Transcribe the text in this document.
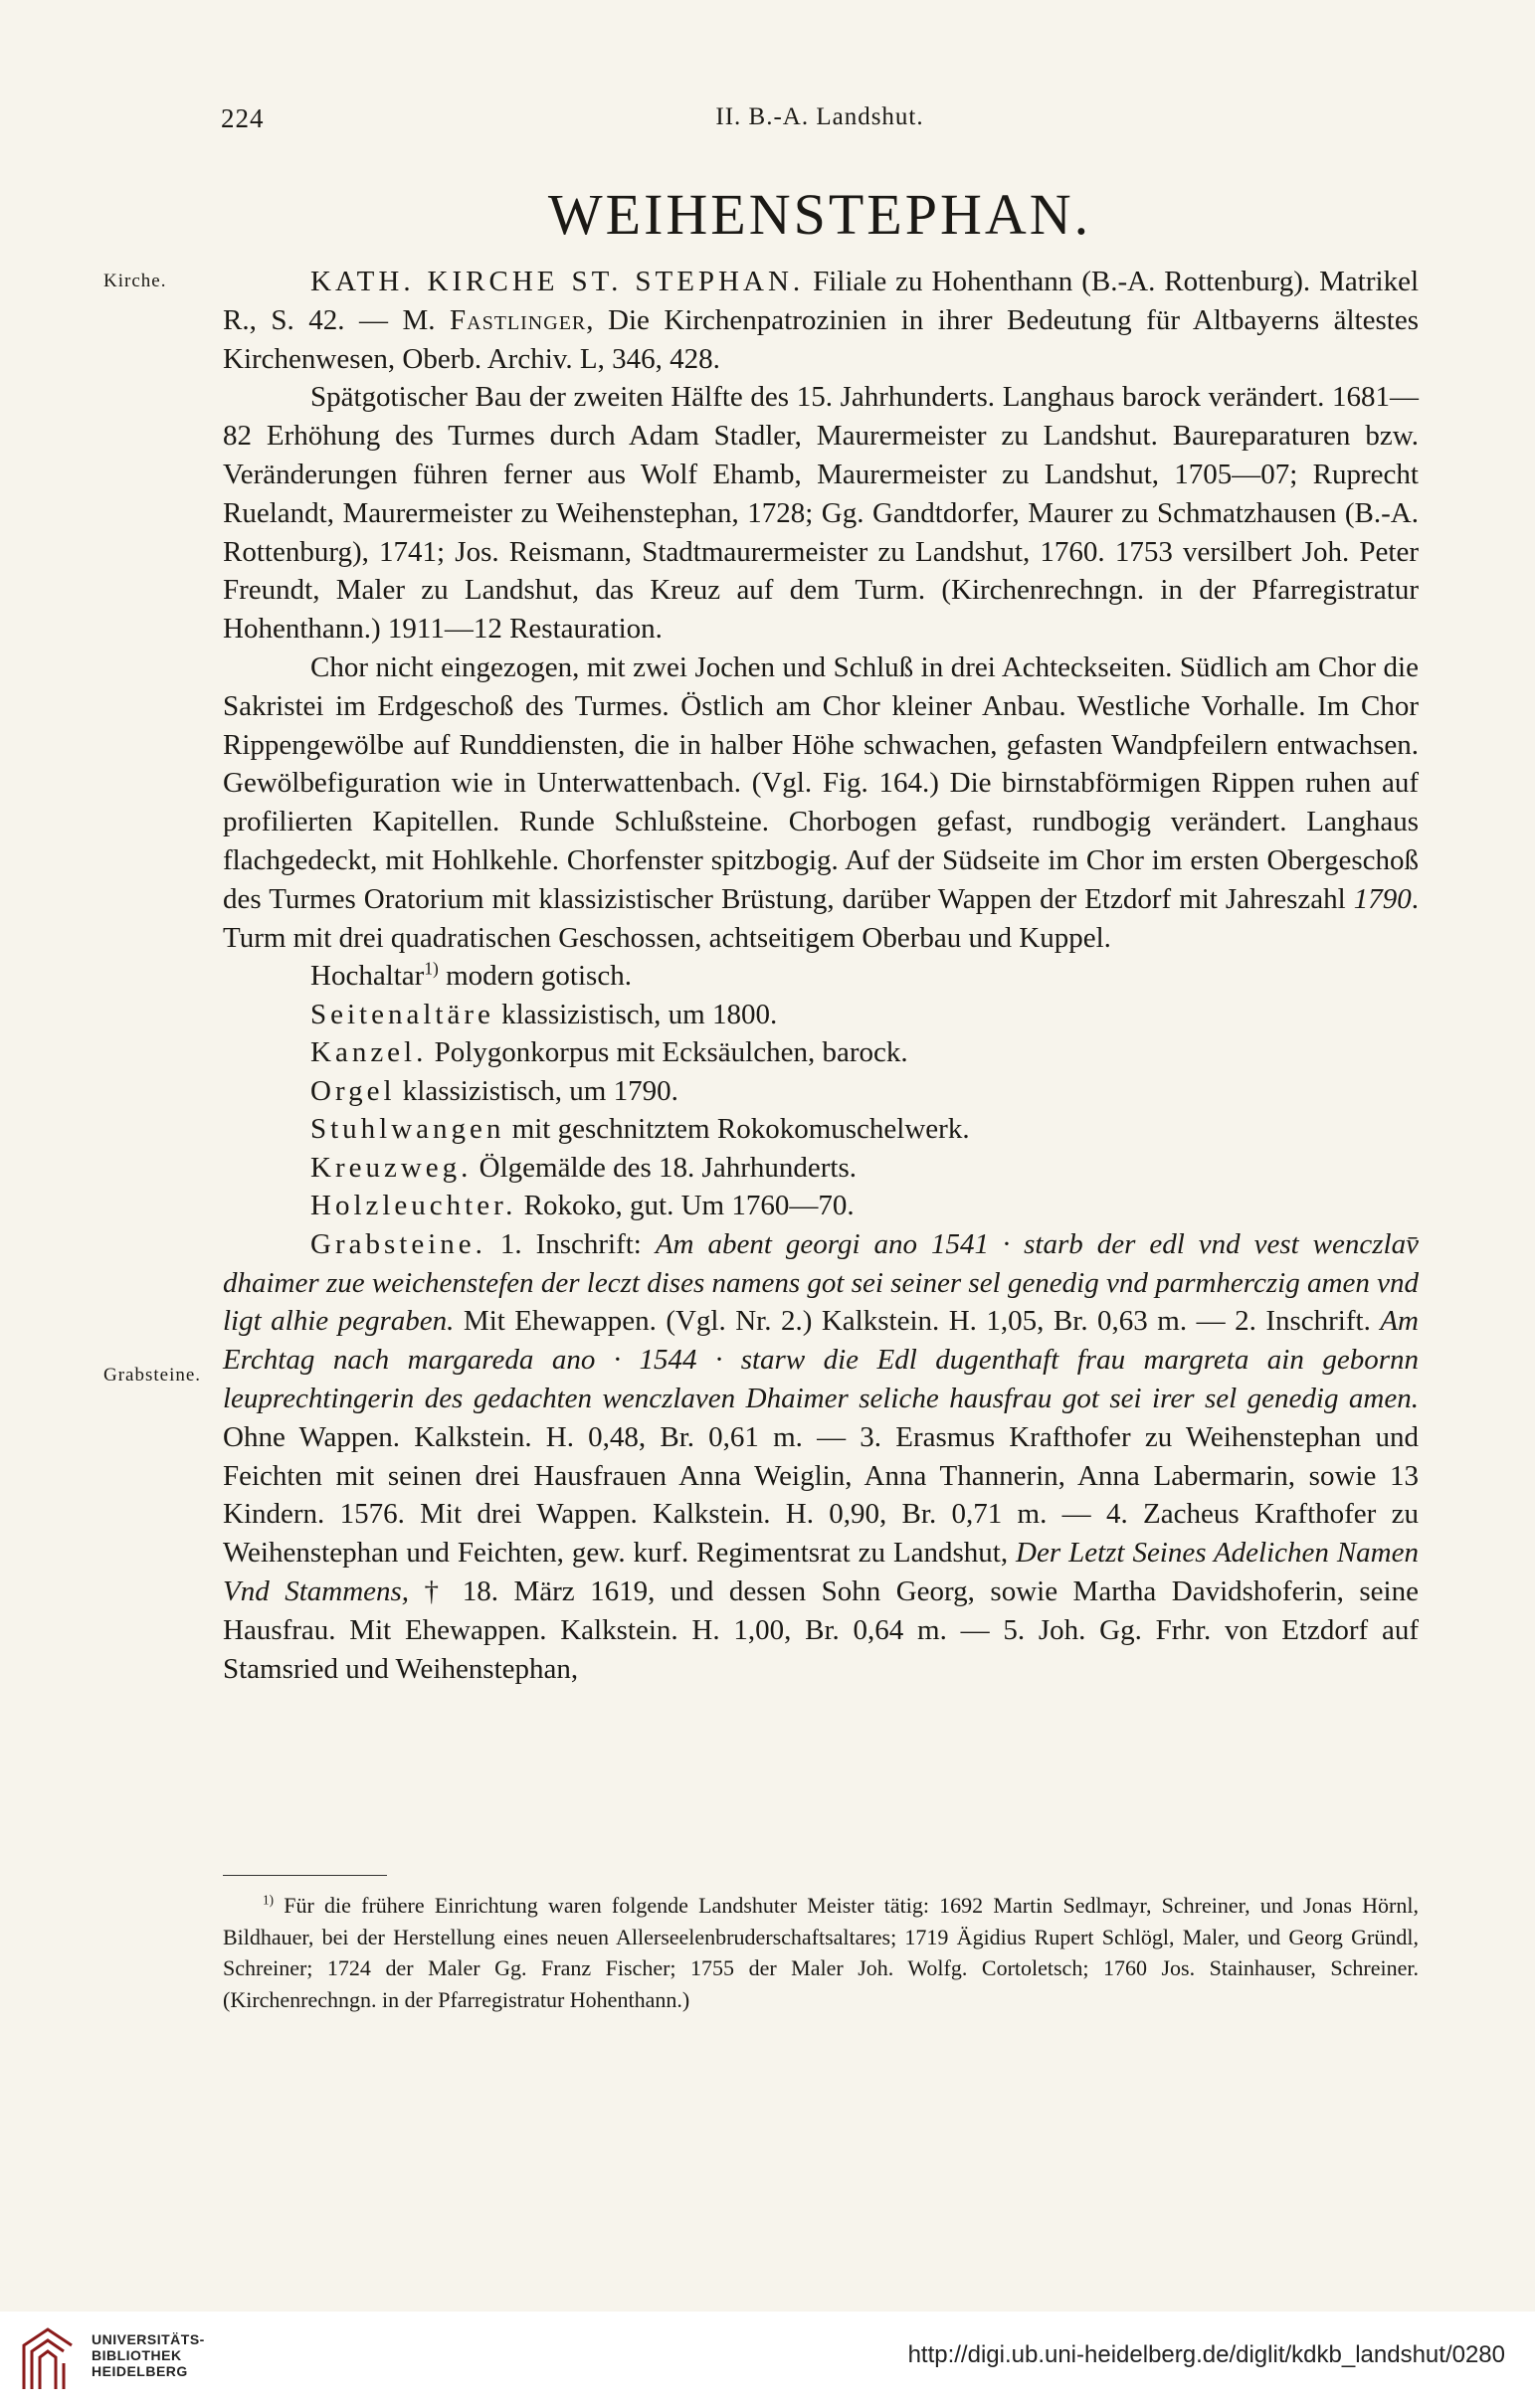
224	II. B.-A. Landshut.
WEIHENSTEPHAN.
Kirche.
Grabsteine.

KATH. KIRCHE ST. STEPHAN. Filiale zu Hohenthann (B.-A. Rottenburg). Matrikel R., S. 42. — M. Fastlinger, Die Kirchenpatrozinien in ihrer Bedeutung für Altbayerns ältestes Kirchenwesen, Oberb. Archiv. L, 346, 428.

Spätgotischer Bau der zweiten Hälfte des 15. Jahrhunderts. Langhaus barock verändert. 1681—82 Erhöhung des Turmes durch Adam Stadler, Maurermeister zu Landshut. Baureparaturen bzw. Veränderungen führen ferner aus Wolf Ehamb, Maurermeister zu Landshut, 1705—07; Ruprecht Ruelandt, Maurermeister zu Weihenstephan, 1728; Gg. Gandtdorfer, Maurer zu Schmatzhausen (B.-A. Rottenburg), 1741; Jos. Reismann, Stadtmaurermeister zu Landshut, 1760. 1753 versilbert Joh. Peter Freundt, Maler zu Landshut, das Kreuz auf dem Turm. (Kirchenrechngn. in der Pfarregistratur Hohenthann.) 1911—12 Restauration.

Chor nicht eingezogen, mit zwei Jochen und Schluß in drei Achteckseiten. Südlich am Chor die Sakristei im Erdgeschoß des Turmes. Östlich am Chor kleiner Anbau. Westliche Vorhalle. Im Chor Rippengewölbe auf Runddiensten, die in halber Höhe schwachen, gefasten Wandpfeilern entwachsen. Gewölbefiguration wie in Unterwattenbach. (Vgl. Fig. 164.) Die birnstabförmigen Rippen ruhen auf profilierten Kapitellen. Runde Schlußsteine. Chorbogen gefast, rundbogig verändert. Langhaus flachgedeckt, mit Hohlkehle. Chorfenster spitzbogig. Auf der Südseite im Chor im ersten Obergeschoß des Turmes Oratorium mit klassizistischer Brüstung, darüber Wappen der Etzdorf mit Jahreszahl 1790. Turm mit drei quadratischen Geschossen, achtseitigem Oberbau und Kuppel.

Hochaltar$^{1)}$ modern gotisch.

Seitenaltäre klassizistisch, um 1800.

Kanzel. Polygonkorpus mit Ecksäulchen, barock.

Orgel klassizistisch, um 1790.

Stuhlwangen mit geschnitztem Rokokomuschelwerk.

Kreuzweg. Ölgemälde des 18. Jahrhunderts.

Holzleuchter. Rokoko, gut. Um 1760—70.

Grabsteine. 1. Inschrift: Am abent georgi ano 1541 · starb der edl vnd vest wenczlav̄ dhaimer zue weichenstefen der leczt dises namens got sei seiner sel genedig vnd parmherczig amen vnd ligt alhie pegraben. Mit Ehewappen. (Vgl. Nr. 2.) Kalkstein. H. 1,05, Br. 0,63 m. — 2. Inschrift. Am Erchtag nach margareda ano · 1544 · starw die Edl dugenthaft frau margreta ain gebornn leuprechtingerin des gedachten wenczlaven Dhaimer seliche hausfrau got sei irer sel genedig amen. Ohne Wappen. Kalkstein. H. 0,48, Br. 0,61 m. — 3. Erasmus Krafthofer zu Weihenstephan und Feichten mit seinen drei Hausfrauen Anna Weiglin, Anna Thannerin, Anna Labermarin, sowie 13 Kindern. 1576. Mit drei Wappen. Kalkstein. H. 0,90, Br. 0,71 m. — 4. Zacheus Krafthofer zu Weihenstephan und Feichten, gew. kurf. Regimentsrat zu Landshut, Der Letzt Seines Adelichen Namen Vnd Stammens, † 18. März 1619, und dessen Sohn Georg, sowie Martha Davidshoferin, seine Hausfrau. Mit Ehewappen. Kalkstein. H. 1,00, Br. 0,64 m. — 5. Joh. Gg. Frhr. von Etzdorf auf Stamsried und Weihenstephan,

$^{1)}$ Für die frühere Einrichtung waren folgende Landshuter Meister tätig: 1692 Martin Sedlmayr, Schreiner, und Jonas Hörnl, Bildhauer, bei der Herstellung eines neuen Allerseelenbruderschaftsaltares; 1719 Ägidius Rupert Schlögl, Maler, und Georg Gründl, Schreiner; 1724 der Maler Gg. Franz Fischer; 1755 der Maler Joh. Wolfg. Cortoletsch; 1760 Jos. Stainhauser, Schreiner. (Kirchenrechngn. in der Pfarregistratur Hohenthann.)

UNIVERSITÄTS-
BIBLIOTHEK
HEIDELBERG
http://digi.ub.uni-heidelberg.de/diglit/kdkb_landshut/0280
